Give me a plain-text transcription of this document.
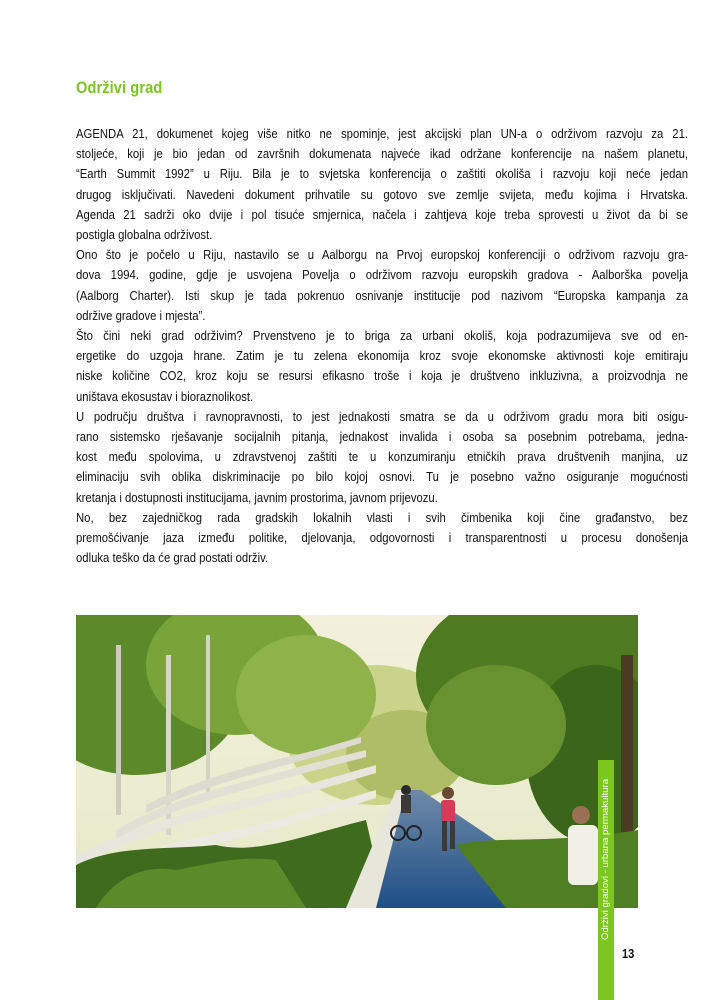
Održivi grad
AGENDA 21, dokumenet kojeg više nitko ne spominje, jest akcijski plan UN-a o održivom razvoju za 21.
stoljeće, koji je bio jedan od završnih dokumenata najveće ikad održane konferencije na našem planetu,
“Earth Summit 1992” u Riju. Bila je to svjetska konferencija o zaštiti okoliša i razvoju koji neće jedan
drugog isključivati. Navedeni dokument prihvatile su gotovo sve zemlje svijeta, među kojima i Hrvatska.
Agenda 21 sadrži oko dvije i pol tisuće smjernica, načela i zahtjeva koje treba sprovesti u život da bi se
postigla globalna održivost.
Ono što je počelo u Riju, nastavilo se u Aalborgu na Prvoj europskoj konferenciji o održivom razvoju gra-
dova 1994. godine, gdje je usvojena Povelja o održivom razvoju europskih gradova - Aalborška povelja
(Aalborg Charter). Isti skup je tada pokrenuo osnivanje institucije pod nazivom “Europska kampanja za
održive gradove i mjesta”.
Što čini neki grad održivim? Prvenstveno je to briga za urbani okoliš, koja podrazumijeva sve od en-
ergetike do uzgoja hrane. Zatim je tu zelena ekonomija kroz svoje ekonomske aktivnosti koje emitiraju
niske količine CO2, kroz koju se resursi efikasno troše i koja je društveno inkluzivna, a proizvodnja ne
uništava ekosustav i bioraznolikost.
U području društva i ravnopravnosti, to jest jednakosti smatra se da u održivom gradu mora biti osigu-
rano sistemsko rješavanje socijalnih pitanja, jednakost invalida i osoba sa posebnim potrebama, jedna-
kost među spolovima, u zdravstvenoj zaštiti te u konzumiranju etničkih prava društvenih manjina, uz
eliminaciju svih oblika diskriminacije po bilo kojoj osnovi. Tu je posebno važno osiguranje mogućnosti
kretanja i dostupnosti institucijama, javnim prostorima, javnom prijevozu.
No, bez zajedničkog rada gradskih lokalnih vlasti i svih čimbenika koji čine građanstvo, bez
premošćivanje jaza između politike, djelovanja, odgovornosti i transparentnosti u procesu donošenja
odluka teško da će grad postati održiv.
Održivi gradovi - urbana permakultura
13
